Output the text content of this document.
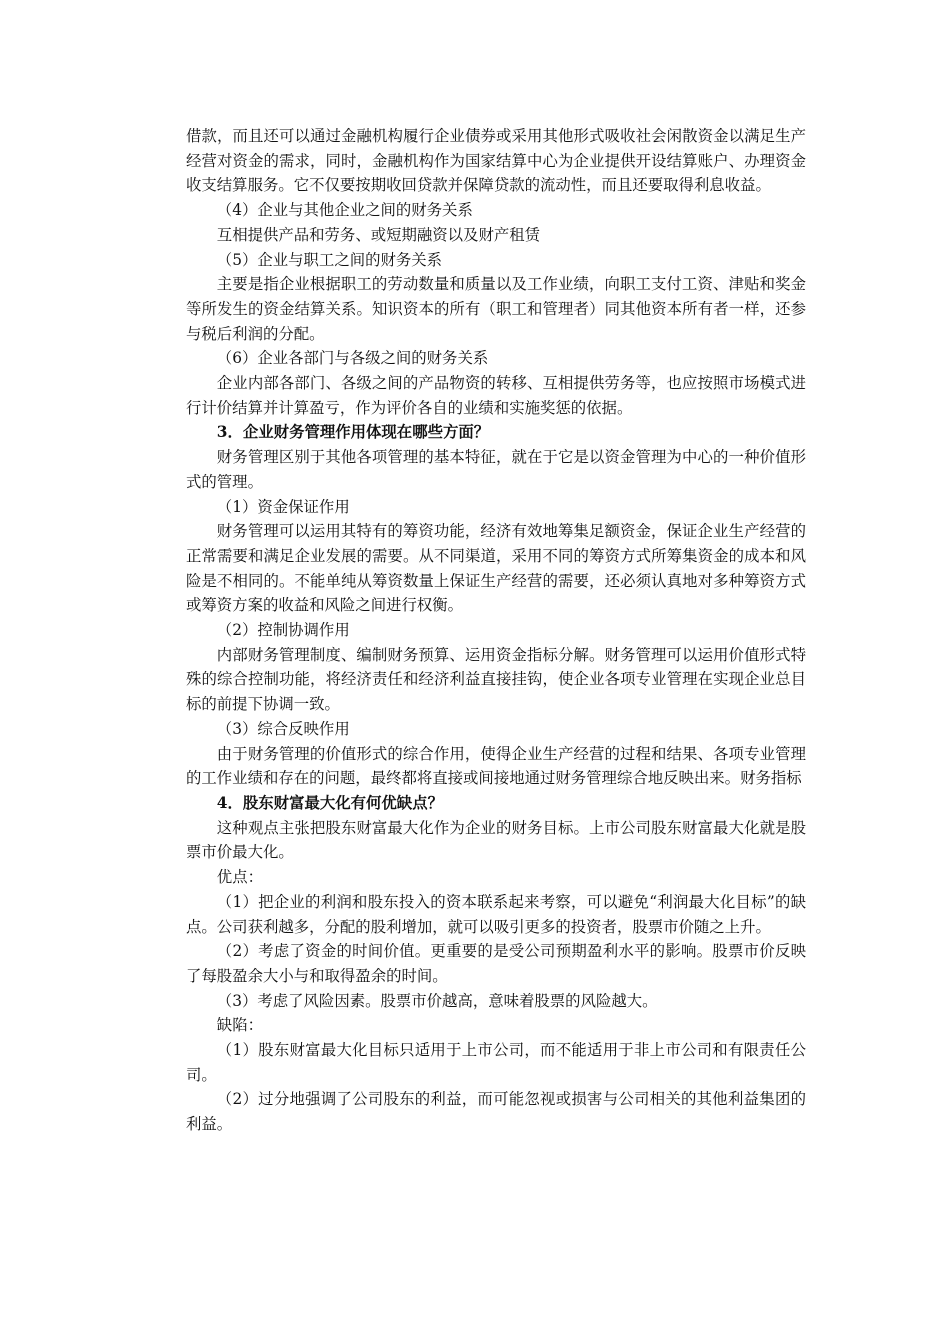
借款，而且还可以通过金融机构履行企业债券或采用其他形式吸收社会闲散资金以满足生产经营对资金的需求，同时，金融机构作为国家结算中心为企业提供开设结算账户、办理资金收支结算服务。它不仅要按期收回贷款并保障贷款的流动性，而且还要取得利息收益。

（4）企业与其他企业之间的财务关系

互相提供产品和劳务、或短期融资以及财产租赁

（5）企业与职工之间的财务关系

主要是指企业根据职工的劳动数量和质量以及工作业绩，向职工支付工资、津贴和奖金等所发生的资金结算关系。知识资本的所有（职工和管理者）同其他资本所有者一样，还参与税后利润的分配。

（6）企业各部门与各级之间的财务关系

企业内部各部门、各级之间的产品物资的转移、互相提供劳务等，也应按照市场模式进行计价结算并计算盈亏，作为评价各自的业绩和实施奖惩的依据。

3．企业财务管理作用体现在哪些方面？

财务管理区别于其他各项管理的基本特征，就在于它是以资金管理为中心的一种价值形式的管理。

（1）资金保证作用

财务管理可以运用其特有的筹资功能，经济有效地筹集足额资金，保证企业生产经营的正常需要和满足企业发展的需要。从不同渠道，采用不同的筹资方式所筹集资金的成本和风险是不相同的。不能单纯从筹资数量上保证生产经营的需要，还必须认真地对多种筹资方式或筹资方案的收益和风险之间进行权衡。

（2）控制协调作用

内部财务管理制度、编制财务预算、运用资金指标分解。财务管理可以运用价值形式特殊的综合控制功能，将经济责任和经济利益直接挂钩，使企业各项专业管理在实现企业总目标的前提下协调一致。

（3）综合反映作用

由于财务管理的价值形式的综合作用，使得企业生产经营的过程和结果、各项专业管理的工作业绩和存在的问题，最终都将直接或间接地通过财务管理综合地反映出来。财务指标

4．股东财富最大化有何优缺点？

这种观点主张把股东财富最大化作为企业的财务目标。上市公司股东财富最大化就是股票市价最大化。

优点：

（1）把企业的利润和股东投入的资本联系起来考察，可以避免“利润最大化目标”的缺点。公司获利越多，分配的股利增加，就可以吸引更多的投资者，股票市价随之上升。

（2）考虑了资金的时间价值。更重要的是受公司预期盈利水平的影响。股票市价反映了每股盈余大小与和取得盈余的时间。

（3）考虑了风险因素。股票市价越高，意味着股票的风险越大。

缺陷：

（1）股东财富最大化目标只适用于上市公司，而不能适用于非上市公司和有限责任公司。

（2）过分地强调了公司股东的利益，而可能忽视或损害与公司相关的其他利益集团的利益。
